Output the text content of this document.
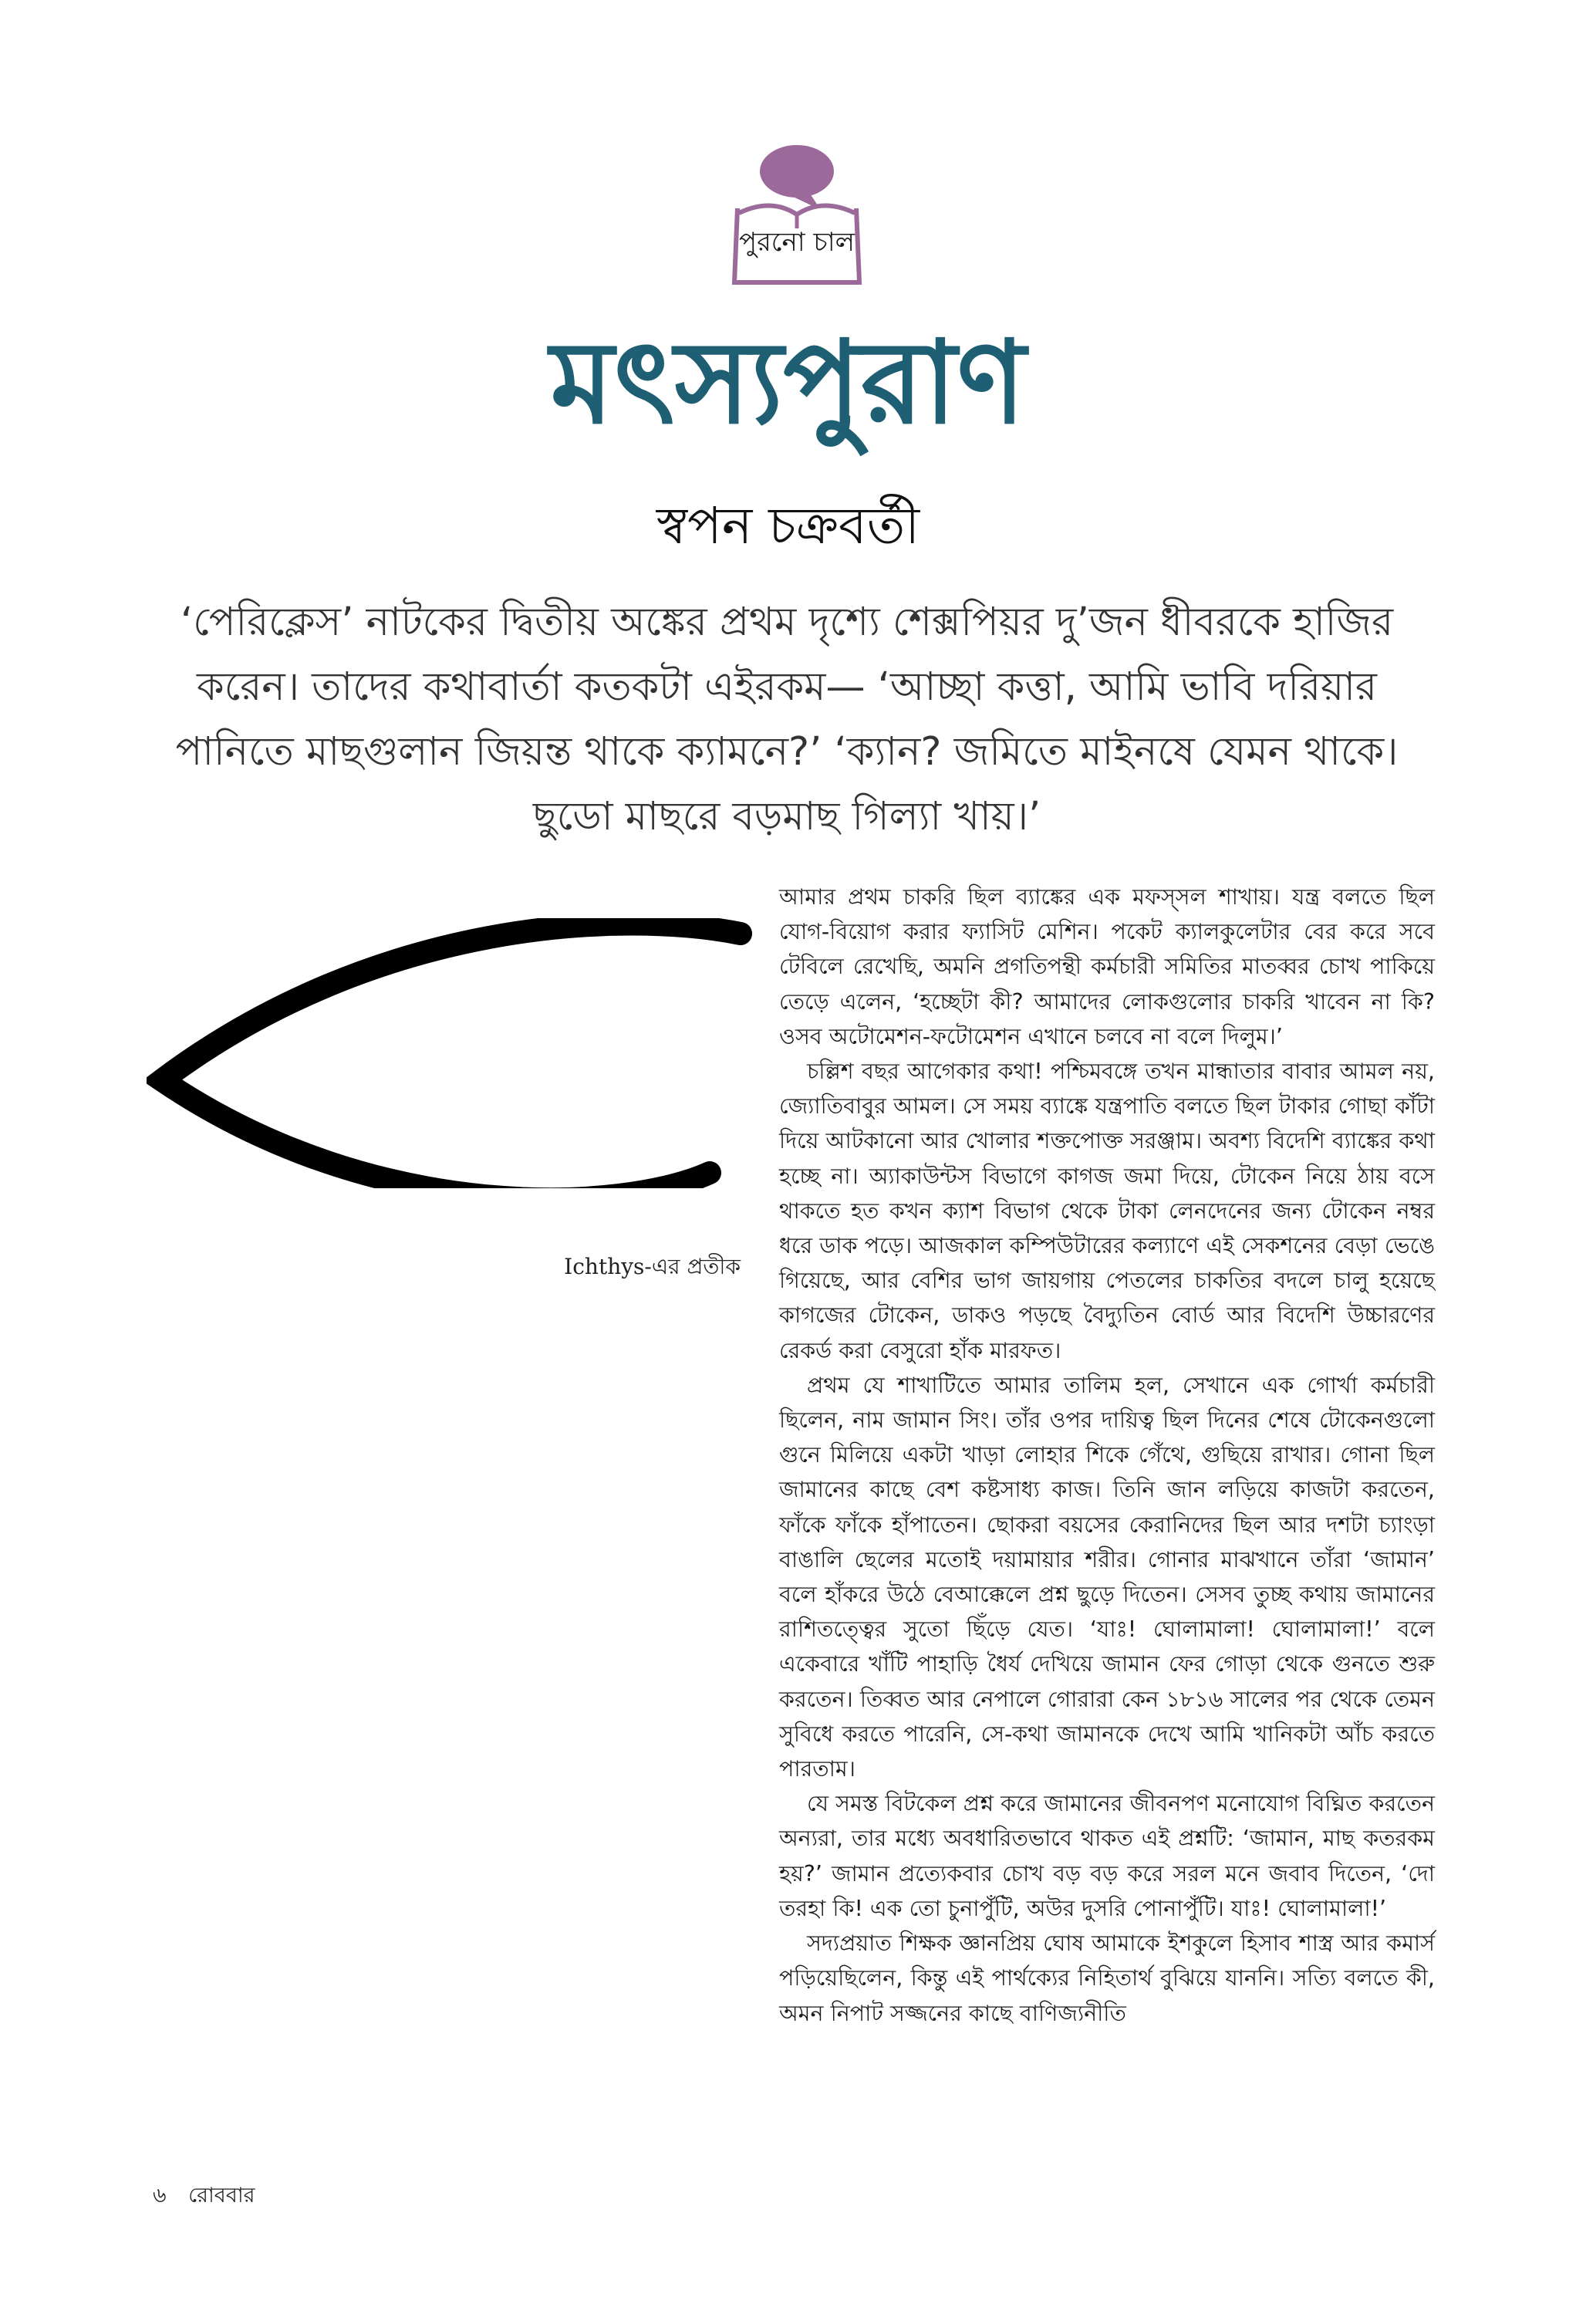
পুরনো চাল
মৎস্যপুরাণ
স্বপন চক্রবর্তী
‘পেরিক্লেস’ নাটকের দ্বিতীয় অঙ্কের প্রথম দৃশ্যে শেক্সপিয়র দু’জন ধীবরকে হাজির করেন। তাদের কথাবার্তা কতকটা এইরকম— ‘আচ্ছা কত্তা, আমি ভাবি দরিয়ার পানিতে মাছগুলান জিয়ন্ত থাকে ক্যামনে?’ ‘ক্যান? জমিতে মাইনষে যেমন থাকে। ছুডো মাছরে বড়মাছ গিল্যা খায়।’
Ichthys-এর প্রতীক

আমার প্রথম চাকরি ছিল ব্যাঙ্কের এক মফস্সল শাখায়। যন্ত্র বলতে ছিল যোগ-বিয়োগ করার ফ্যাসিট মেশিন। পকেট ক্যালকুলেটার বের করে সবে টেবিলে রেখেছি, অমনি প্রগতিপন্থী কর্মচারী সমিতির মাতব্বর চোখ পাকিয়ে তেড়ে এলেন, ‘হচ্ছেটা কী? আমাদের লোকগুলোর চাকরি খাবেন না কি? ওসব অটোমেশন-ফটোমেশন এখানে চলবে না বলে দিলুম।’

চল্লিশ বছর আগেকার কথা! পশ্চিমবঙ্গে তখন মান্ধাতার বাবার আমল নয়, জ্যোতিবাবুর আমল। সে সময় ব্যাঙ্কে যন্ত্রপাতি বলতে ছিল টাকার গোছা কাঁটা দিয়ে আটকানো আর খোলার শক্তপোক্ত সরঞ্জাম। অবশ্য বিদেশি ব্যাঙ্কের কথা হচ্ছে না। অ্যাকাউন্টস বিভাগে কাগজ জমা দিয়ে, টোকেন নিয়ে ঠায় বসে থাকতে হত কখন ক্যাশ বিভাগ থেকে টাকা লেনদেনের জন্য টোকেন নম্বর ধরে ডাক পড়ে। আজকাল কম্পিউটারের কল্যাণে এই সেকশনের বেড়া ভেঙে গিয়েছে, আর বেশির ভাগ জায়গায় পেতলের চাকতির বদলে চালু হয়েছে কাগজের টোকেন, ডাকও পড়ছে বৈদ্যুতিন বোর্ড আর বিদেশি উচ্চারণের রেকর্ড করা বেসুরো হাঁক মারফত।

প্রথম যে শাখাটিতে আমার তালিম হল, সেখানে এক গোর্খা কর্মচারী ছিলেন, নাম জামান সিং। তাঁর ওপর দায়িত্ব ছিল দিনের শেষে টোকেনগুলো গুনে মিলিয়ে একটা খাড়া লোহার শিকে গেঁথে, গুছিয়ে রাখার। গোনা ছিল জামানের কাছে বেশ কষ্টসাধ্য কাজ। তিনি জান লড়িয়ে কাজটা করতেন, ফাঁকে ফাঁকে হাঁপাতেন। ছোকরা বয়সের কেরানিদের ছিল আর দশটা চ্যাংড়া বাঙালি ছেলের মতোই দয়ামায়ার শরীর। গোনার মাঝখানে তাঁরা ‘জামান’ বলে হাঁকরে উঠে বেআক্কেলে প্রশ্ন ছুড়ে দিতেন। সেসব তুচ্ছ কথায় জামানের রাশিতত্ত্বের সুতো ছিঁড়ে যেত। ‘যাঃ! ঘোলামালা! ঘোলামালা!’ বলে একেবারে খাঁটি পাহাড়ি ধৈর্য দেখিয়ে জামান ফের গোড়া থেকে গুনতে শুরু করতেন। তিব্বত আর নেপালে গোরারা কেন ১৮১৬ সালের পর থেকে তেমন সুবিধে করতে পারেনি, সে-কথা জামানকে দেখে আমি খানিকটা আঁচ করতে পারতাম।

যে সমস্ত বিটকেল প্রশ্ন করে জামানের জীবনপণ মনোযোগ বিঘ্নিত করতেন অন্যরা, তার মধ্যে অবধারিতভাবে থাকত এই প্রশ্নটি: ‘জামান, মাছ কতরকম হয়?’ জামান প্রত্যেকবার চোখ বড় বড় করে সরল মনে জবাব দিতেন, ‘দো তরহা কি! এক তো চুনাপুঁটি, অউর দুসরি পোনাপুঁটি। যাঃ! ঘোলামালা!’

সদ্যপ্রয়াত শিক্ষক জ্ঞানপ্রিয় ঘোষ আমাকে ইশকুলে হিসাব শাস্ত্র আর কমার্স পড়িয়েছিলেন, কিন্তু এই পার্থক্যের নিহিতার্থ বুঝিয়ে যাননি। সত্যি বলতে কী, অমন নিপাট সজ্জনের কাছে বাণিজ্যনীতি

৬ রোববার
